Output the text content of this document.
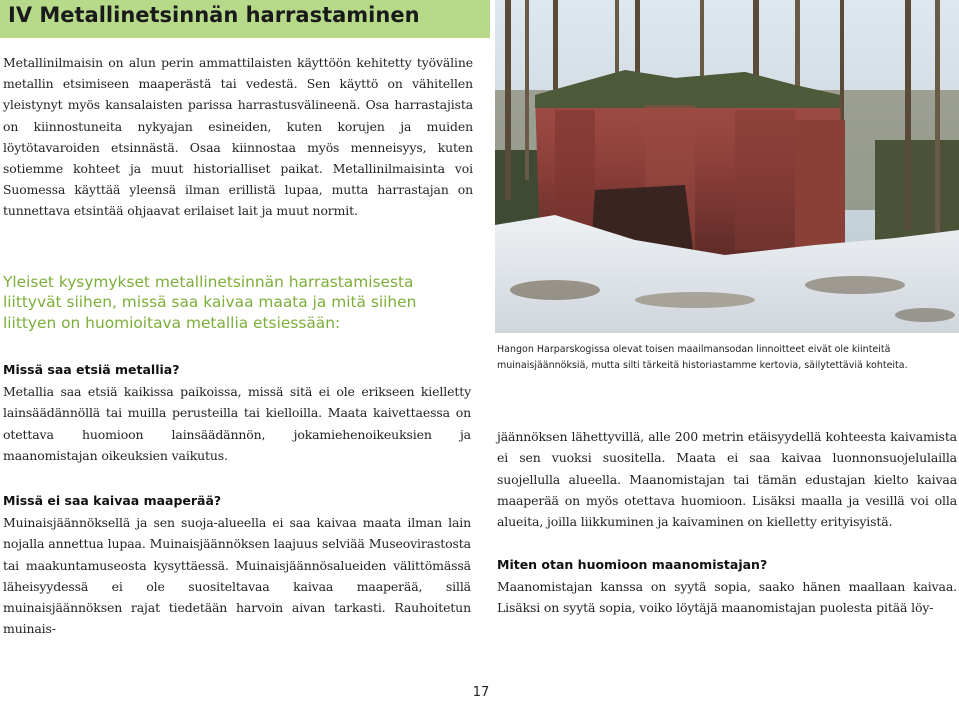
IV Metallinetsinnän harrastaminen

Metallinilmaisin on alun perin ammattilaisten käyttöön kehitetty työväline metallin etsimiseen maaperästä tai vedestä. Sen käyttö on vähitellen yleistynyt myös kansalaisten parissa harrastusvälineenä. Osa harrastajista on kiinnostuneita nykyajan esineiden, kuten korujen ja muiden löytötavaroiden etsinnästä. Osaa kiinnostaa myös menneisyys, kuten sotiemme kohteet ja muut historialliset paikat. Metallinilmaisinta voi Suomessa käyttää yleensä ilman erillistä lupaa, mutta harrastajan on tunnettava etsintää ohjaavat erilaiset lait ja muut normit.

Yleiset kysymykset metallinetsinnän harrastamisesta liittyvät siihen, missä saa kaivaa maata ja mitä siihen liittyen on huomioitava metallia etsiessään:

Missä saa etsiä metallia?

Metallia saa etsiä kaikissa paikoissa, missä sitä ei ole erikseen kielletty lainsäädännöllä tai muilla perusteilla tai kielloilla. Maata kaivettaessa on otettava huomioon lainsäädännön, jokamiehenoikeuksien ja maanomistajan oikeuksien vaikutus.

Missä ei saa kaivaa maaperää?

Muinaisjäännöksellä ja sen suoja-alueella ei saa kaivaa maata ilman lain nojalla annettua lupaa. Muinaisjäännöksen laajuus selviää Museovirastosta tai maakuntamuseosta kysyttäessä. Muinaisjäännösalueiden välittömässä läheisyydessä ei ole suositeltavaa kaivaa maaperää, sillä muinaisjäännöksen rajat tiedetään harvoin aivan tarkasti. Rauhoitetun muinais-

Hangon Harparskogissa olevat toisen maailmansodan linnoitteet eivät ole kiinteitä muinaisjäännöksiä, mutta silti tärkeitä historiastamme kertovia, säilytettäviä kohteita.

jäännöksen lähettyvillä, alle 200 metrin etäisyydellä kohteesta kaivamista ei sen vuoksi suositella. Maata ei saa kaivaa luonnonsuojelulailla suojellulla alueella. Maanomistajan tai tämän edustajan kielto kaivaa maaperää on myös otettava huomioon. Lisäksi maalla ja vesillä voi olla alueita, joilla liikkuminen ja kaivaminen on kielletty erityisyistä.

Miten otan huomioon maanomistajan?

Maanomistajan kanssa on syytä sopia, saako hänen maallaan kaivaa. Lisäksi on syytä sopia, voiko löytäjä maanomistajan puolesta pitää löy-

17
